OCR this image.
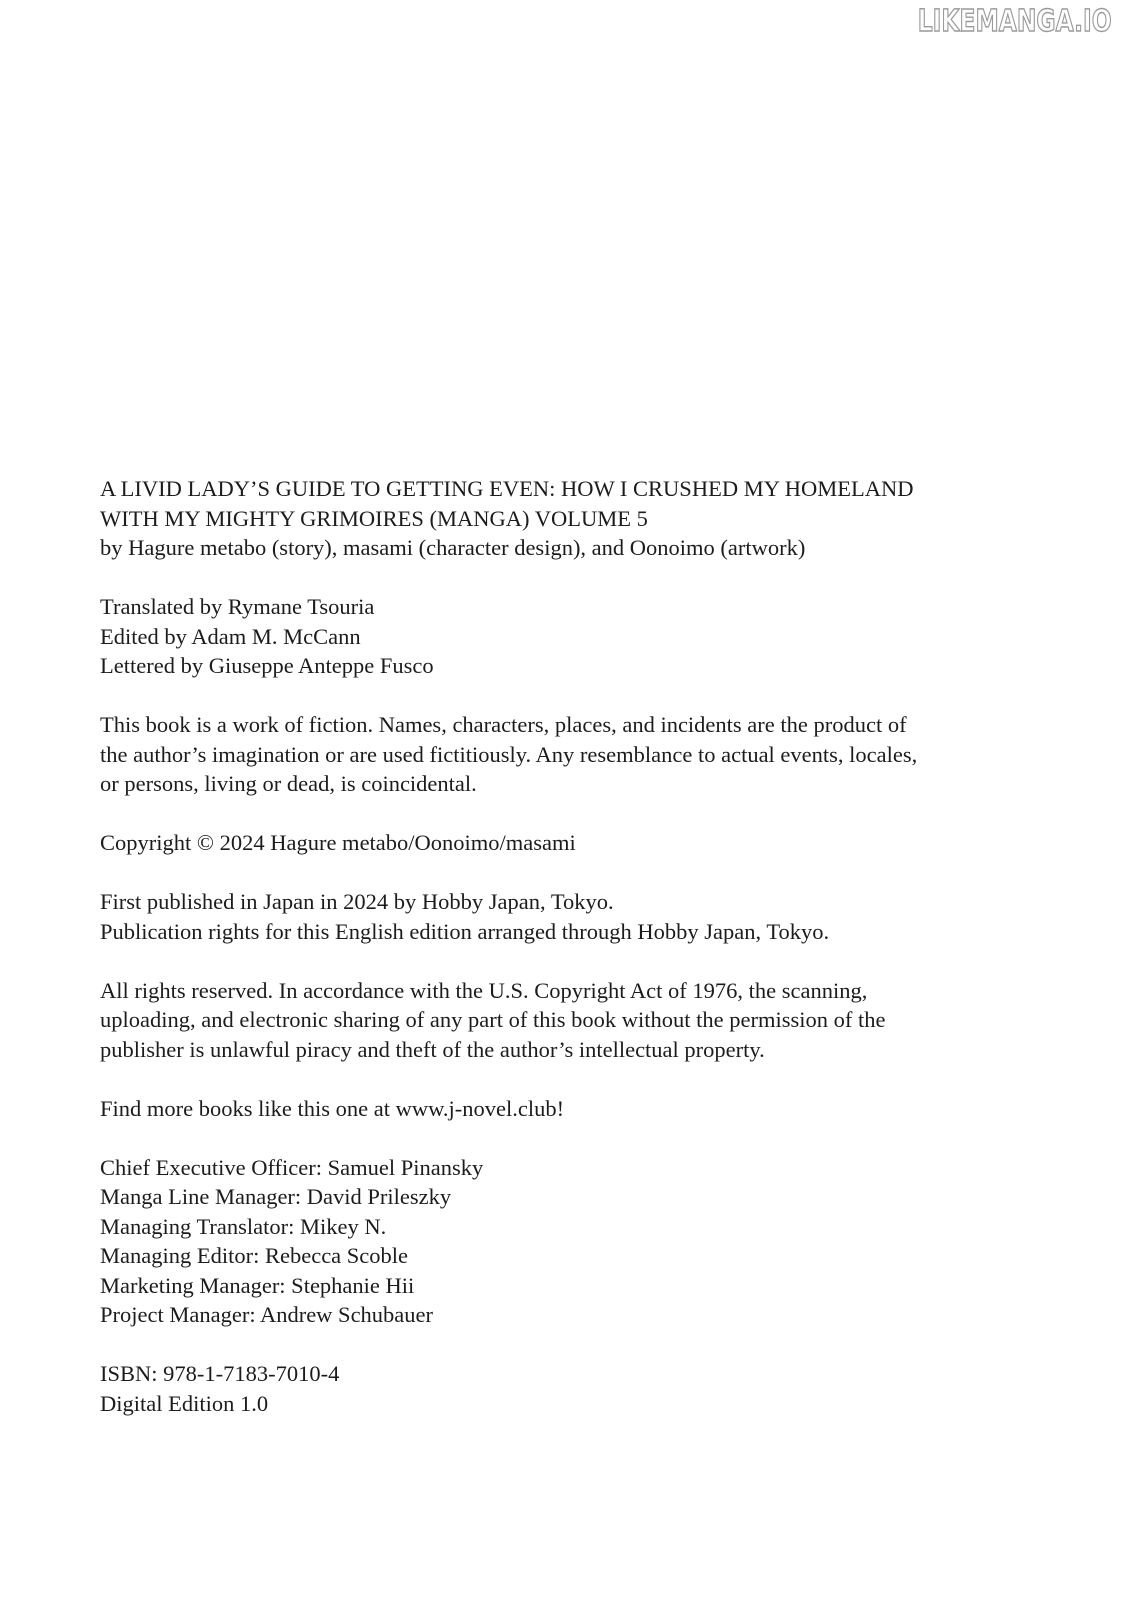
LIKEMANGA.IO
A LIVID LADY’S GUIDE TO GETTING EVEN: HOW I CRUSHED MY HOMELAND
WITH MY MIGHTY GRIMOIRES (MANGA) VOLUME 5
by Hagure metabo (story), masami (character design), and Oonoimo (artwork)
Translated by Rymane Tsouria
Edited by Adam M. McCann
Lettered by Giuseppe Anteppe Fusco
This book is a work of fiction. Names, characters, places, and incidents are the product of
the author’s imagination or are used fictitiously. Any resemblance to actual events, locales,
or persons, living or dead, is coincidental.
Copyright © 2024 Hagure metabo/Oonoimo/masami
First published in Japan in 2024 by Hobby Japan, Tokyo.
Publication rights for this English edition arranged through Hobby Japan, Tokyo.
All rights reserved. In accordance with the U.S. Copyright Act of 1976, the scanning,
uploading, and electronic sharing of any part of this book without the permission of the
publisher is unlawful piracy and theft of the author’s intellectual property.
Find more books like this one at www.j-novel.club!
Chief Executive Officer: Samuel Pinansky
Manga Line Manager: David Prileszky
Managing Translator: Mikey N.
Managing Editor: Rebecca Scoble
Marketing Manager: Stephanie Hii
Project Manager: Andrew Schubauer
ISBN: 978-1-7183-7010-4
Digital Edition 1.0
